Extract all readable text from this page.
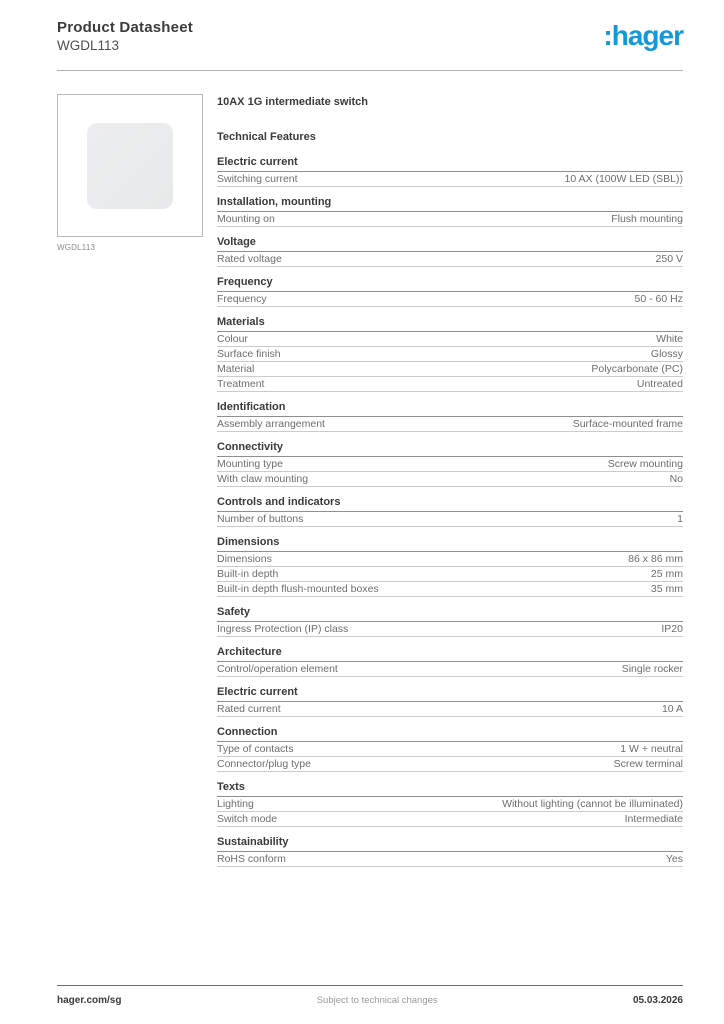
Product Datasheet
WGDL113	:hager
WGDL113
10AX 1G intermediate switch
Technical Features
Electric current
Switching current	10 AX (100W LED (SBL))
Installation, mounting
Mounting on	Flush mounting
Voltage
Rated voltage	250 V
Frequency
Frequency	50 - 60 Hz
Materials
Colour	White
Surface finish	Glossy
Material	Polycarbonate (PC)
Treatment	Untreated
Identification
Assembly arrangement	Surface-mounted frame
Connectivity
Mounting type	Screw mounting
With claw mounting	No
Controls and indicators
Number of buttons	1
Dimensions
Dimensions	86 x 86 mm
Built-in depth	25 mm
Built-in depth flush-mounted boxes	35 mm
Safety
Ingress Protection (IP) class	IP20
Architecture
Control/operation element	Single rocker
Electric current
Rated current	10 A
Connection
Type of contacts	1 W + neutral
Connector/plug type	Screw terminal
Texts
Lighting	Without lighting (cannot be illuminated)
Switch mode	Intermediate
Sustainability
RoHS conform	Yes
hager.com/sg	Subject to technical changes	05.03.2026
